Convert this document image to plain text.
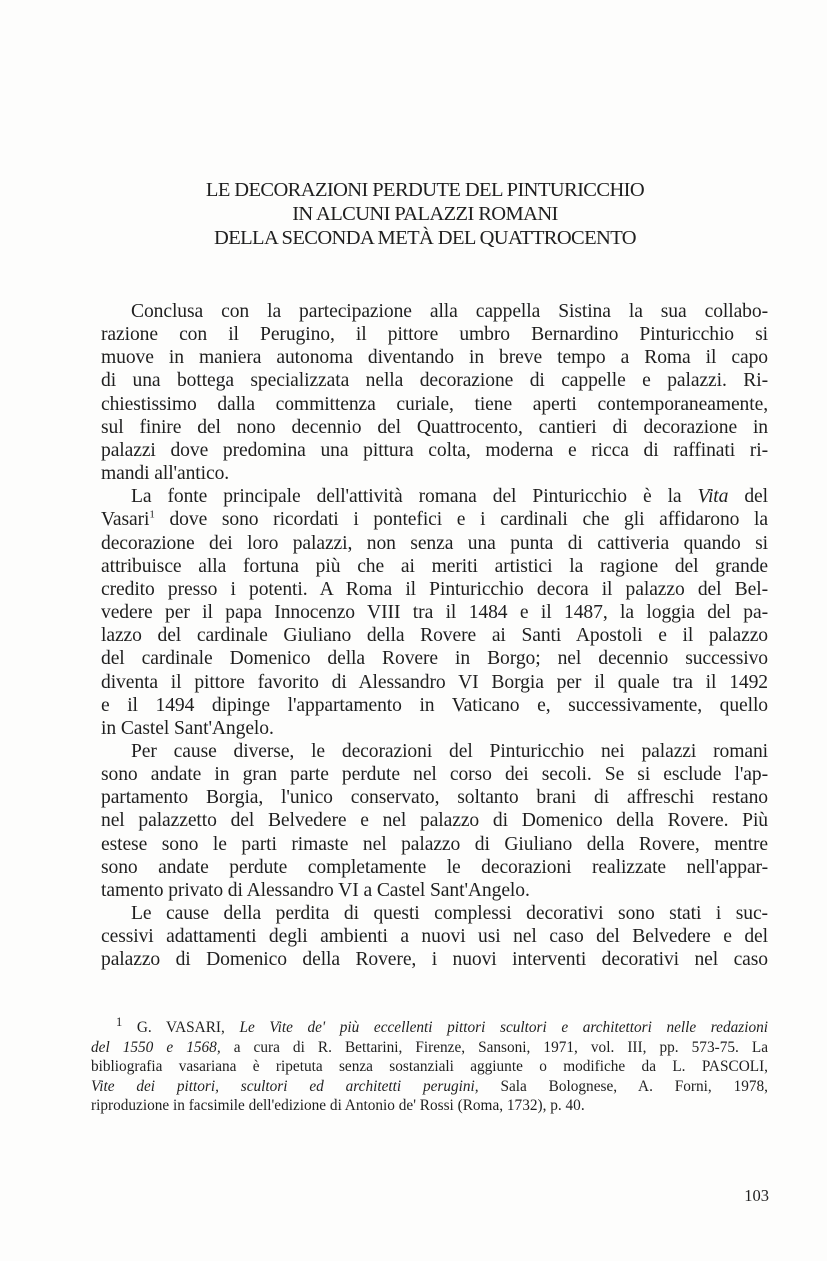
LE DECORAZIONI PERDUTE DEL PINTURICCHIO
IN ALCUNI PALAZZI ROMANI
DELLA SECONDA METÀ DEL QUATTROCENTO
Conclusa con la partecipazione alla cappella Sistina la sua collabo-
razione con il Perugino, il pittore umbro Bernardino Pinturicchio si
muove in maniera autonoma diventando in breve tempo a Roma il capo
di una bottega specializzata nella decorazione di cappelle e palazzi. Ri-
chiestissimo dalla committenza curiale, tiene aperti contemporaneamente,
sul finire del nono decennio del Quattrocento, cantieri di decorazione in
palazzi dove predomina una pittura colta, moderna e ricca di raffinati ri-
mandi all'antico.
La fonte principale dell'attività romana del Pinturicchio è la Vita del
Vasari$^1$ dove sono ricordati i pontefici e i cardinali che gli affidarono la
decorazione dei loro palazzi, non senza una punta di cattiveria quando si
attribuisce alla fortuna più che ai meriti artistici la ragione del grande
credito presso i potenti. A Roma il Pinturicchio decora il palazzo del Bel-
vedere per il papa Innocenzo VIII tra il 1484 e il 1487, la loggia del pa-
lazzo del cardinale Giuliano della Rovere ai Santi Apostoli e il palazzo
del cardinale Domenico della Rovere in Borgo; nel decennio successivo
diventa il pittore favorito di Alessandro VI Borgia per il quale tra il 1492
e il 1494 dipinge l'appartamento in Vaticano e, successivamente, quello
in Castel Sant'Angelo.
Per cause diverse, le decorazioni del Pinturicchio nei palazzi romani
sono andate in gran parte perdute nel corso dei secoli. Se si esclude l'ap-
partamento Borgia, l'unico conservato, soltanto brani di affreschi restano
nel palazzetto del Belvedere e nel palazzo di Domenico della Rovere. Più
estese sono le parti rimaste nel palazzo di Giuliano della Rovere, mentre
sono andate perdute completamente le decorazioni realizzate nell'appar-
tamento privato di Alessandro VI a Castel Sant'Angelo.
Le cause della perdita di questi complessi decorativi sono stati i suc-
cessivi adattamenti degli ambienti a nuovi usi nel caso del Belvedere e del
palazzo di Domenico della Rovere, i nuovi interventi decorativi nel caso
$^1$ G. VASARI, Le Vite de' più eccellenti pittori scultori e architettori nelle redazioni
del 1550 e 1568, a cura di R. Bettarini, Firenze, Sansoni, 1971, vol. III, pp. 573-75. La
bibliografia vasariana è ripetuta senza sostanziali aggiunte o modifiche da L. PASCOLI,
Vite dei pittori, scultori ed architetti perugini, Sala Bolognese, A. Forni, 1978,
riproduzione in facsimile dell'edizione di Antonio de' Rossi (Roma, 1732), p. 40.
103
